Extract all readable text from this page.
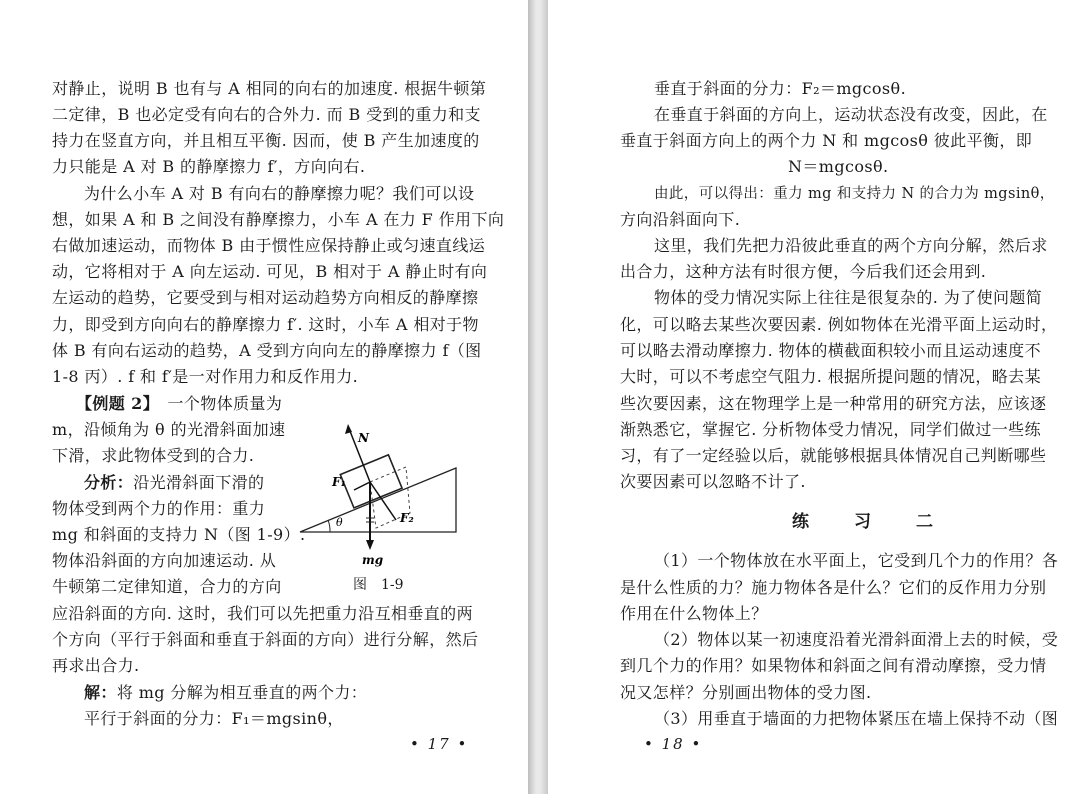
对静止，说明 B 也有与 A 相同的向右的加速度. 根据牛顿第
二定律，B 也必定受有向右的合外力. 而 B 受到的重力和支
持力在竖直方向，并且相互平衡. 因而，使 B 产生加速度的
力只能是 A 对 B 的静摩擦力 f′，方向向右.
为什么小车 A 对 B 有向右的静摩擦力呢？我们可以设
想，如果 A 和 B 之间没有静摩擦力，小车 A 在力 F 作用下向
右做加速运动，而物体 B 由于惯性应保持静止或匀速直线运
动，它将相对于 A 向左运动. 可见，B 相对于 A 静止时有向
左运动的趋势，它要受到与相对运动趋势方向相反的静摩擦
力，即受到方向向右的静摩擦力 f′. 这时，小车 A 相对于物
体 B 有向右运动的趋势，A 受到方向向左的静摩擦力 f（图
1-8 丙）. f 和 f′是一对作用力和反作用力.
【例题 2】　 一个物体质量为
m，沿倾角为 θ 的光滑斜面加速
下滑，求此物体受到的合力.
分析：沿光滑斜面下滑的
物体受到两个力的作用：重力
mg 和斜面的支持力 N（图 1-9）.
物体沿斜面的方向加速运动. 从
牛顿第二定律知道，合力的方向
应沿斜面的方向. 这时，我们可以先把重力沿互相垂直的两
个方向（平行于斜面和垂直于斜面的方向）进行分解，然后
再求出合力.
解：将 mg 分解为相互垂直的两个力：
平行于斜面的分力：F₁＝mgsinθ，
N
F₁
F₂
θ
mg
图　1-9
• 17 •
垂直于斜面的分力：F₂＝mgcosθ.
在垂直于斜面的方向上，运动状态没有改变，因此，在
垂直于斜面方向上的两个力 N 和 mgcosθ 彼此平衡，即
N＝mgcosθ.
由此，可以得出：重力 mg 和支持力 N 的合力为 mgsinθ，
方向沿斜面向下.
这里，我们先把力沿彼此垂直的两个方向分解，然后求
出合力，这种方法有时很方便，今后我们还会用到.
物体的受力情况实际上往往是很复杂的. 为了使问题简
化，可以略去某些次要因素. 例如物体在光滑平面上运动时，
可以略去滑动摩擦力. 物体的横截面积较小而且运动速度不
大时，可以不考虑空气阻力. 根据所提问题的情况，略去某
些次要因素，这在物理学上是一种常用的研究方法，应该逐
渐熟悉它，掌握它. 分析物体受力情况，同学们做过一些练
习，有了一定经验以后，就能够根据具体情况自己判断哪些
次要因素可以忽略不计了.
练　习　二
（1）一个物体放在水平面上，它受到几个力的作用？各
是什么性质的力？施力物体各是什么？它们的反作用力分别
作用在什么物体上？
（2）物体以某一初速度沿着光滑斜面滑上去的时候，受
到几个力的作用？如果物体和斜面之间有滑动摩擦，受力情
况又怎样？分别画出物体的受力图.
（3）用垂直于墙面的力把物体紧压在墙上保持不动（图
• 18 •
